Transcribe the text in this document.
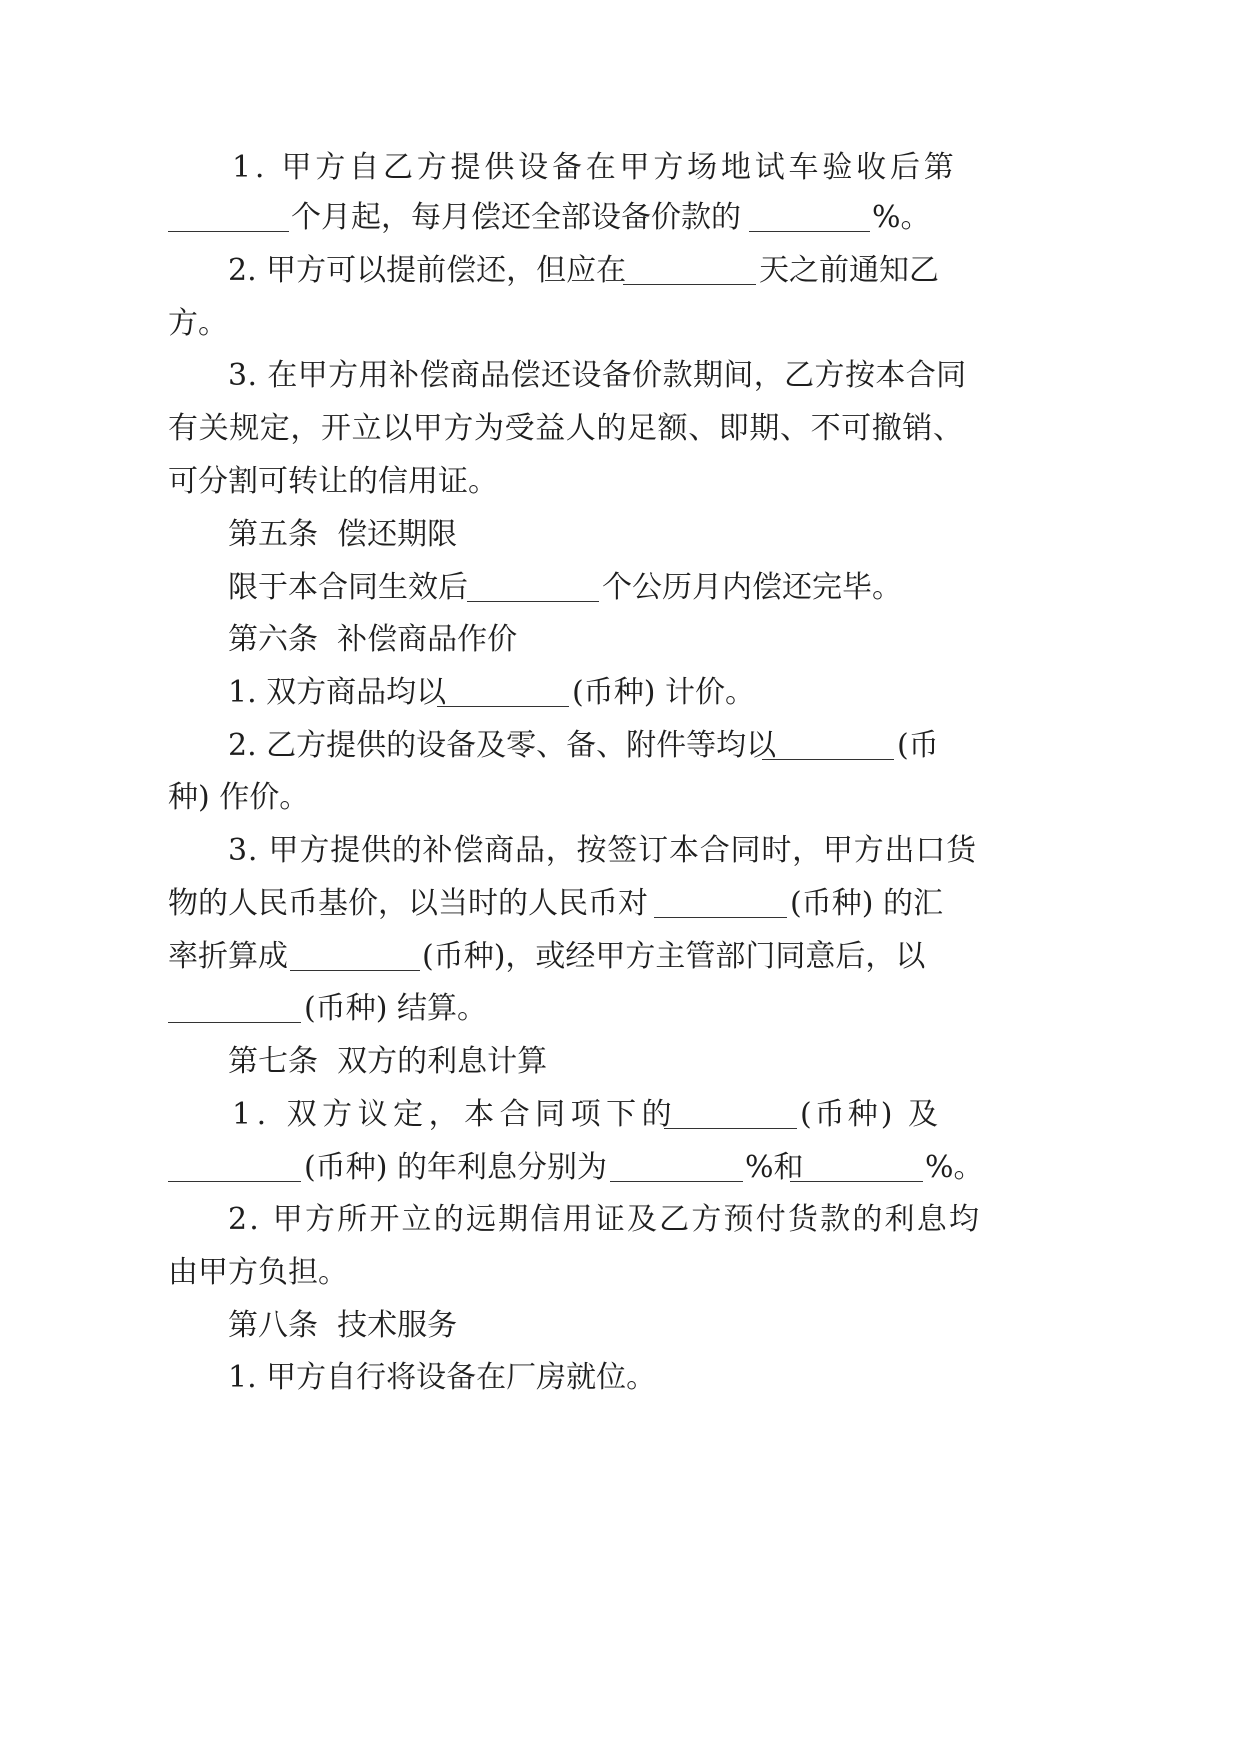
1. 甲方自乙方提供设备在甲方场地试车验收后第
个月起，每月偿还全部设备价款的	%。
2. 甲方可以提前偿还，但应在	天之前通知乙
方。
3. 在甲方用补偿商品偿还设备价款期间，乙方按本合同
有关规定，开立以甲方为受益人的足额、即期、不可撤销、
可分割可转让的信用证。
第五条  偿还期限
限于本合同生效后	个公历月内偿还完毕。
第六条  补偿商品作价
1. 双方商品均以	(币种) 计价。
2. 乙方提供的设备及零、备、附件等均以	(币
种) 作价。
3. 甲方提供的补偿商品，按签订本合同时，甲方出口货
物的人民币基价，以当时的人民币对	(币种) 的汇
率折算成	(币种)，或经甲方主管部门同意后，以
(币种) 结算。
第七条  双方的利息计算
1. 双方议定，本合同项下的	(币种) 及
(币种) 的年利息分别为	%和	%。
2. 甲方所开立的远期信用证及乙方预付货款的利息均
由甲方负担。
第八条  技术服务
1. 甲方自行将设备在厂房就位。
